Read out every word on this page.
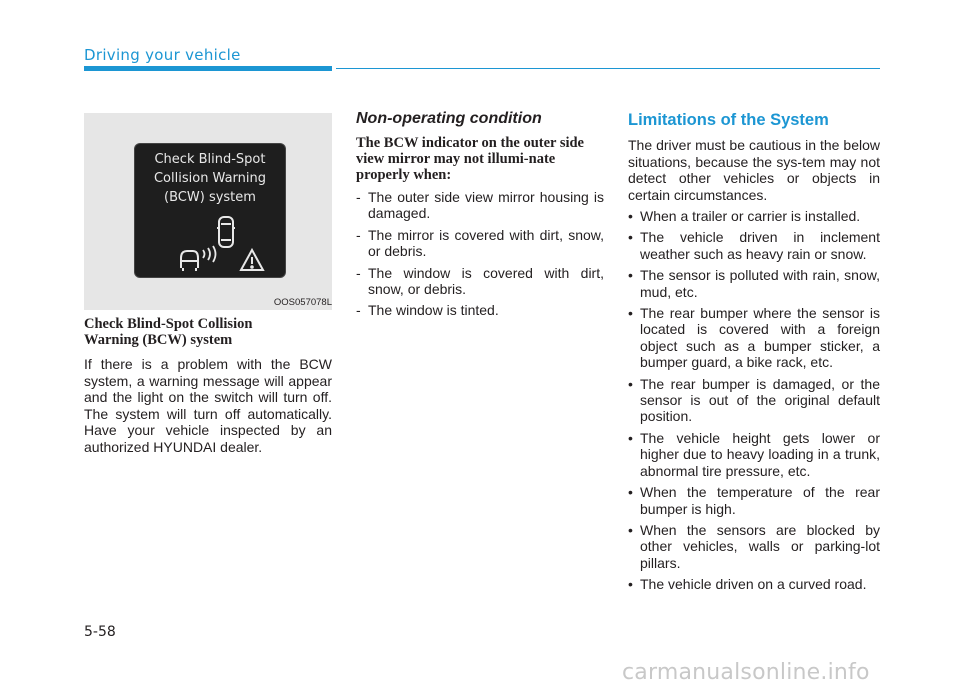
Driving your vehicle
Check Blind-Spot
Collision Warning
(BCW) system
OOS057078L

Check Blind-Spot Collision Warning (BCW) system

If there is a problem with the BCW system, a warning message will appear and the light on the switch will turn off. The system will turn off automatically. Have your vehicle inspected by an authorized HYUNDAI dealer.

Non-operating condition

The BCW indicator on the outer side view mirror may not illumi-nate properly when:

- The outer side view mirror housing is damaged.
- The mirror is covered with dirt, snow, or debris.
- The window is covered with dirt, snow, or debris.
- The window is tinted.

Limitations of the System

The driver must be cautious in the below situations, because the sys-tem may not detect other vehicles or objects in certain circumstances.

• When a trailer or carrier is installed.
• The vehicle driven in inclement weather such as heavy rain or snow.
• The sensor is polluted with rain, snow, mud, etc.
• The rear bumper where the sensor is located is covered with a foreign object such as a bumper sticker, a bumper guard, a bike rack, etc.
• The rear bumper is damaged, or the sensor is out of the original default position.
• The vehicle height gets lower or higher due to heavy loading in a trunk, abnormal tire pressure, etc.
• When the temperature of the rear bumper is high.
• When the sensors are blocked by other vehicles, walls or parking-lot pillars.
• The vehicle driven on a curved road.
5-58
carmanualsonline.info
